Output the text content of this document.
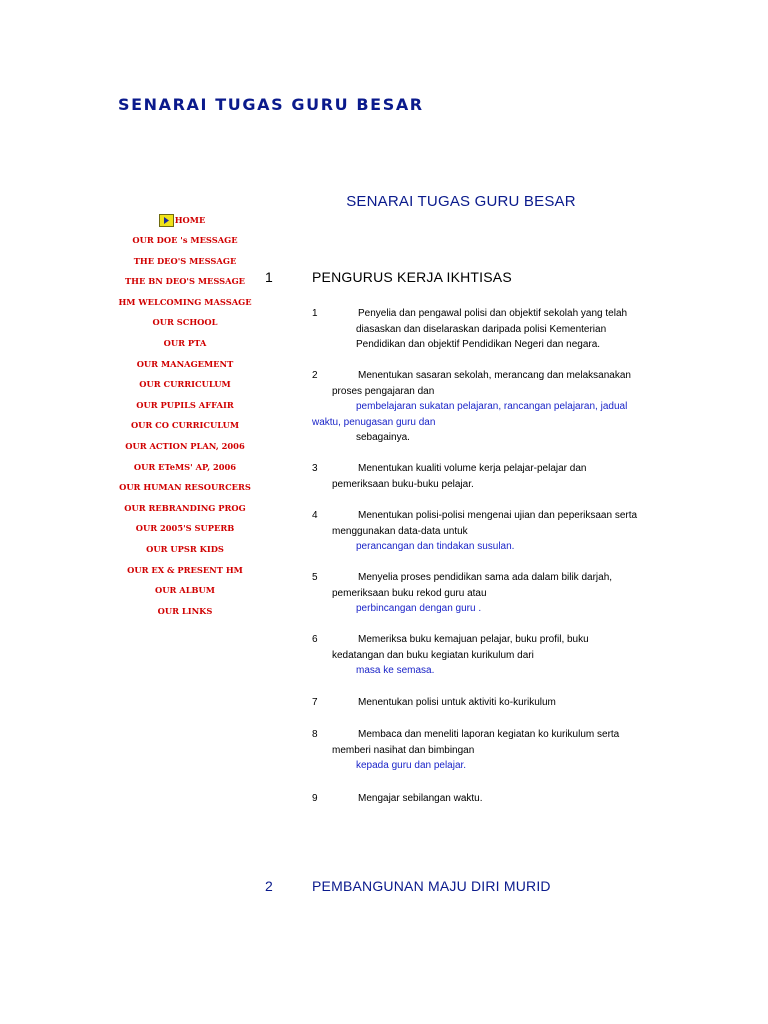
SENARAI TUGAS GURU BESAR
HOME
OUR DOE 's MESSAGE
THE DEO'S MESSAGE
THE BN DEO'S MESSAGE
HM WELCOMING MASSAGE
OUR SCHOOL
OUR PTA
OUR MANAGEMENT
OUR CURRICULUM
OUR PUPILS AFFAIR
OUR CO CURRICULUM
OUR ACTION PLAN, 2006
OUR ETeMS' AP, 2006
OUR HUMAN RESOURCERS
OUR REBRANDING PROG
OUR 2005'S SUPERB
OUR UPSR KIDS
OUR EX & PRESENT HM
OUR ALBUM
OUR LINKS
SENARAI TUGAS GURU BESAR
1	PENGURUS KERJA IKHTISAS
1	Penyelia dan pengawal polisi dan objektif sekolah yang telah

diasaskan dan diselaraskan daripada polisi Kementerian

Pendidikan dan objektif Pendidikan Negeri dan negara.

2	Menentukan sasaran sekolah, merancang dan melaksanakan

proses pengajaran dan

pembelajaran sukatan pelajaran, rancangan pelajaran, jadual

waktu, penugasan guru dan

sebagainya.

3	Menentukan kualiti volume kerja pelajar-pelajar dan

pemeriksaan buku-buku pelajar.

4	Menentukan polisi-polisi mengenai ujian dan peperiksaan serta

menggunakan data-data untuk

perancangan dan tindakan susulan.

5	Menyelia proses pendidikan sama ada dalam bilik darjah,

pemeriksaan buku rekod guru atau

perbincangan dengan guru .

6	Memeriksa buku kemajuan pelajar, buku profil, buku

kedatangan dan buku kegiatan kurikulum dari

masa ke semasa.

7	Menentukan polisi untuk aktiviti ko-kurikulum

8	Membaca dan meneliti laporan kegiatan ko kurikulum serta

memberi nasihat dan bimbingan

kepada guru dan pelajar.

9	Mengajar sebilangan waktu.

2	PEMBANGUNAN MAJU DIRI MURID
